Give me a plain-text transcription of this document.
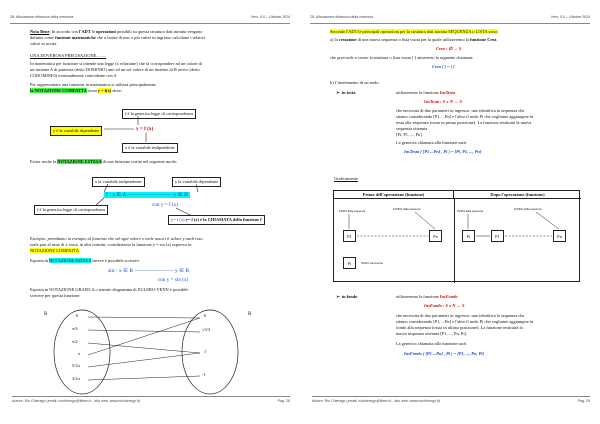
28: Allocazione dinamica della memoria	Vers. 5.0 – Ottobre 2024
Nota Bene: In accordo con l'ADT le operazioni possibili su questa struttura dati astratta vengono
definite come funzioni matematiche che a fronte di uno o più valori in ingresso calcolano i relativi
valori in uscita.
UNA DOVEROSA PRECISAZIONE.........
In matematica per funzione si intende una legge (o relazione) che fa corrispondere ad un valore di
un insieme A di partenza (detto DOMINIO) uno ed un sol valore di un insieme di B arrivo (detto
CODOMINIO) eventualmente coincidente con A
Per rappresentare una funzione in matematica si utilizza principalmente
la NOTAZIONE COMPATTA ossia y = f(x) dove:
f è la generica legge di corrispondenza
y è la variabile dipendente	y = f (x)
x è la variabile indipendente
Esiste anche la NOTAZIONE ESTESA di una funzione scritta nel seguente modo:
x la variabile indipendente	y la variabile dipendente
f : x ∈ A ———————— y ∈ B
con y = f (x)
f è la generica legge di corrispondenza
y= f (x) y= f (x) è la CHIAMATA della funzione f
Esempio: prendiamo in esempio al funzione che ad ogni valore x reale associ il valore y anch'esso
reale pari al seno di x ossia, in altri termini, consideriamo la funzione y = sin (x) espresso in
NOTAZIONE COMPATTA
Esposta in NOTAZIONE ESTESA invece è possibile scrivere:
sin : x ∈ R ——————— y ∈ R
con y = sin (x)
Esposta in NOTAZIONE GRAFICA o tramite diagramma di EULERO-VENN è possibile
scrivere per questa funzione:
R	R
0
π/4
π/2
π
5/2π
3/2π
0
√3/3
1
-1
Autore: Rio Chierego (email: riochierego@libero.it - sito web: www.riochierego.it)	Pag. 28
28: Allocazione dinamica della memoria	Vers. 5.0 – Ottobre 2024
Secondo l'ADT le principali operazioni per la struttura dati astratta SEQUENZA o LISTA sono:
a) la creazione di una nuova sequenza o lista vuota per la quale utilizzeremo la funzione Crea
Crea : ∅ → S
che provvede a creare la struttura o lista vuota [ ] attraverso la seguente chiamata:
Crea ( ) = [ ]
b) l' inserimento di un nodo:
➢  in testa	utilizzeremo la funzione InsTesta
InsTesta : S x N → S
che necessita di due parametri in ingresso: uno identifica la sequenza che
stiamo considerando [P1, ...Pn] e l'altro il nodo Pi che vogliamo aggiungere in
testa alla sequenza (ossia in prima posizione). La funzione restituirà la nuova
sequenza ottenuta
[Pi, P1, ..., Pn].
La generica chiamata alla funzione sarà:
InsTesta ( [P1 ...Pn] , Pi ) = [Pi, P1, ..., Pn]
Graficamente
Prima dell'operazione (funzione)	Dopo l'operazione (funzione)
TESTA della sequenza
FONDO della sequenza
TESTA della sequenza
FONDO della sequenza
P1	Pn	Pi	P1	Pn
Pi	NODO da inserire
➢  in fondo	utilizzeremo la funzione InsFondo
InsFondo : S x N → S
che necessita di due parametri in ingresso: uno identifica la sequenza che
stiamo considerando [P1, ...Pn] e l'altro il nodo Pi che vogliamo aggiungere in
fondo alla sequenza (ossia in ultima posizione). La funzione restituirà la
nuova sequenza ottenuta [P1, ..., Pn, Pi].
La generica chiamata alla funzione sarà:
InsFondo ( [P1 ...Pn] , Pi ) = [P1, ..., Pn, Pi]
Autore: Rio Chierego (email: riochierego@libero.it - sito web: www.riochierego.it)	Pag. 29
